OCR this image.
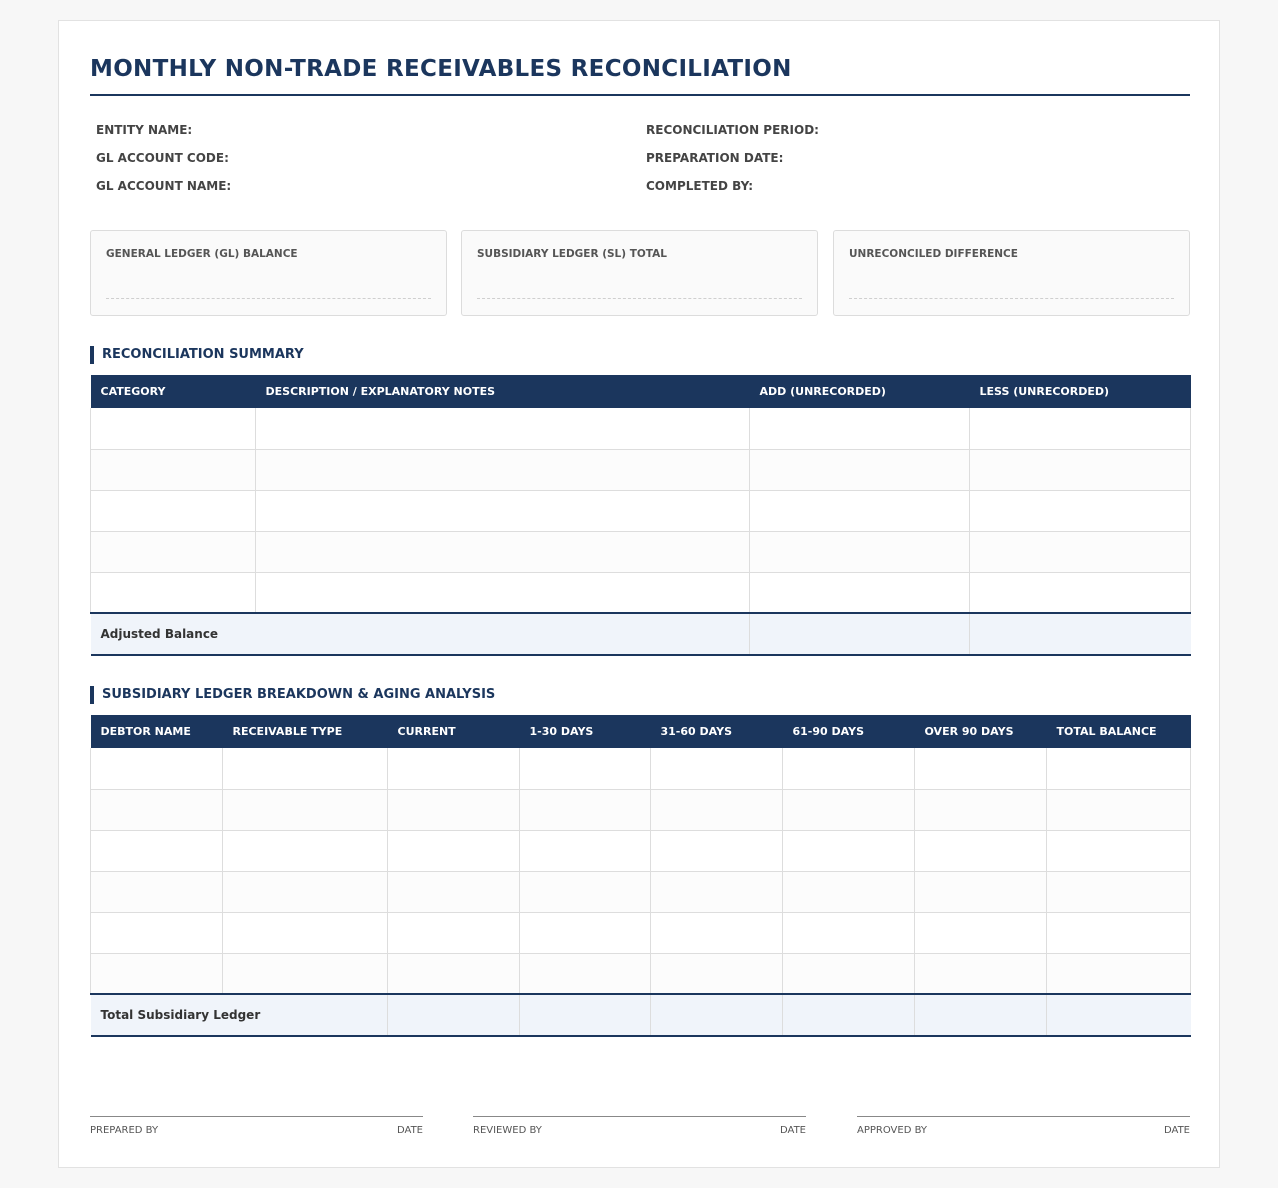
MONTHLY NON-TRADE RECEIVABLES RECONCILIATION
ENTITY NAME:
GL ACCOUNT CODE:
GL ACCOUNT NAME:
RECONCILIATION PERIOD:
PREPARATION DATE:
COMPLETED BY:
GENERAL LEDGER (GL) BALANCE	SUBSIDIARY LEDGER (SL) TOTAL	UNRECONCILED DIFFERENCE
RECONCILIATION SUMMARY
CATEGORY	DESCRIPTION / EXPLANATORY NOTES	ADD (UNRECORDED)	LESS (UNRECORDED)

Adjusted Balance			
SUBSIDIARY LEDGER BREAKDOWN & AGING ANALYSIS
DEBTOR NAME	RECEIVABLE TYPE	CURRENT	1-30 DAYS	31-60 DAYS	61-90 DAYS	OVER 90 DAYS	TOTAL BALANCE

Total Subsidiary Ledger							
PREPARED BY	DATE	REVIEWED BY	DATE	APPROVED BY	DATE
